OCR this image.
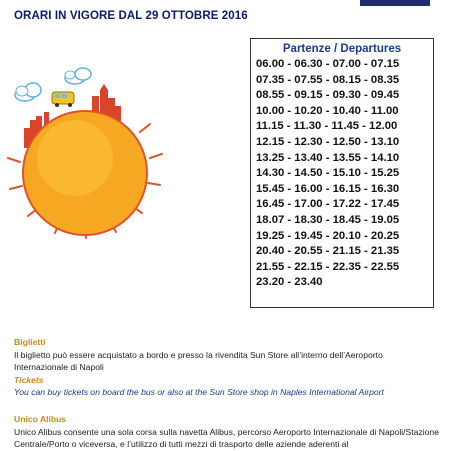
ORARI IN VIGORE DAL 29 OTTOBRE 2016
Partenze / Departures
06.00 - 06.30 - 07.00 - 07.15
07.35 - 07.55 - 08.15 - 08.35
08.55 - 09.15 - 09.30 - 09.45
10.00 - 10.20 - 10.40 - 11.00
11.15 - 11.30 - 11.45 - 12.00
12.15 - 12.30 - 12.50 - 13.10
13.25 - 13.40 - 13.55 - 14.10
14.30 - 14.50 - 15.10 - 15.25
15.45 - 16.00 - 16.15 - 16.30
16.45 - 17.00 - 17.22 - 17.45
18.07 - 18.30 - 18.45 - 19.05
19.25 - 19.45 - 20.10 - 20.25
20.40 - 20.55 - 21.15 - 21.35
21.55 - 22.15 - 22.35 - 22.55
23.20 - 23.40
Biglietti
Il biglietto può essere acquistato a bordo e presso la rivendita Sun Store all’interno dell’Aeroporto Internazionale di Napoli
Tickets
You can buy tickets on board the bus or also at the Sun Store shop in Naples International Airport
Unico Alibus
Unico Alibus consente una sola corsa sulla navetta Alibus, percorso Aeroporto Internazionale di Napoli/Stazione Centrale/Porto o viceversa, e l’utilizzo di tutti mezzi di trasporto delle aziende aderenti al
